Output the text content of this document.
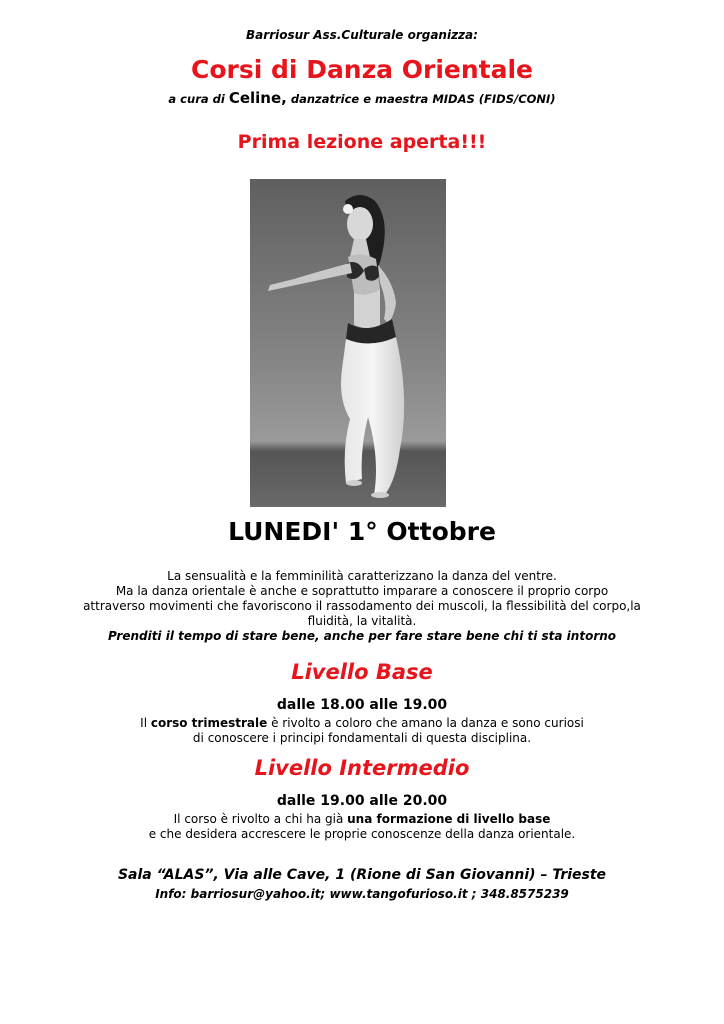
Barriosur Ass.Culturale organizza:
Corsi di Danza Orientale
a cura di Celine, danzatrice e maestra MIDAS (FIDS/CONI)
Prima lezione aperta!!!
LUNEDI' 1° Ottobre
La sensualità e la femminilità caratterizzano la danza del ventre.
Ma la danza orientale è anche e soprattutto imparare a conoscere il proprio corpo
attraverso movimenti che favoriscono il rassodamento dei muscoli, la flessibilità del corpo,la
fluidità, la vitalità.
Prenditi il tempo di stare bene, anche per fare stare bene chi ti sta intorno
Livello Base
dalle 18.00 alle 19.00
Il corso trimestrale è rivolto a coloro che amano la danza e sono curiosi
di conoscere i principi fondamentali di questa disciplina.
Livello Intermedio
dalle 19.00 alle 20.00
Il corso è rivolto a chi ha già una formazione di livello base
e che desidera accrescere le proprie conoscenze della danza orientale.
Sala “ALAS”, Via alle Cave, 1 (Rione di San Giovanni) – Trieste
Info: barriosur@yahoo.it; www.tangofurioso.it ; 348.8575239
